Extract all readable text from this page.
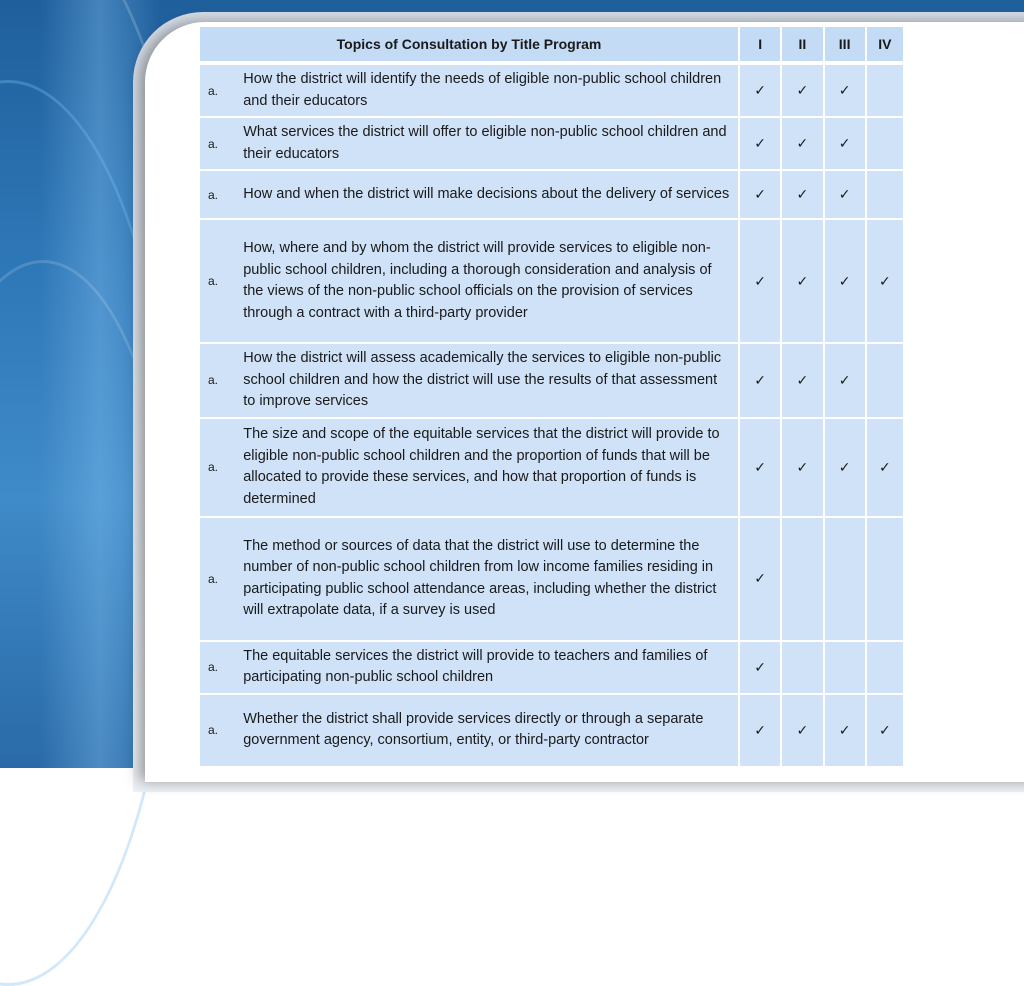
Topics of Consultation by Title Program		I	II	III	IV
a.	How the district will identify the needs of eligible non-public school children and their educators	✓	✓	✓	
a.	What services the district will offer to eligible non-public school children and their educators	✓	✓	✓	
a.	How and when the district will make decisions about the delivery of services	✓	✓	✓	
a.	How, where and by whom the district will provide services to eligible non-public school children, including a thorough consideration and analysis of the views of the non-public school officials on the provision of services through a contract with a third-party provider	✓	✓	✓	✓
a.	How the district will assess academically the services to eligible non-public school children and how the district will use the results of that assessment to improve services	✓	✓	✓	
a.	The size and scope of the equitable services that the district will provide to eligible non-public school children and the proportion of funds that will be allocated to provide these services, and how that proportion of funds is determined	✓	✓	✓	✓
a.	The method or sources of data that the district will use to determine the number of non-public school children from low income families residing in participating public school attendance areas, including whether the district will extrapolate data, if a survey is used	✓			
a.	The equitable services the district will provide to teachers and families of participating non-public school children	✓			
a.	Whether the district shall provide services directly or through a separate government agency, consortium, entity, or third-party contractor	✓	✓	✓	✓
